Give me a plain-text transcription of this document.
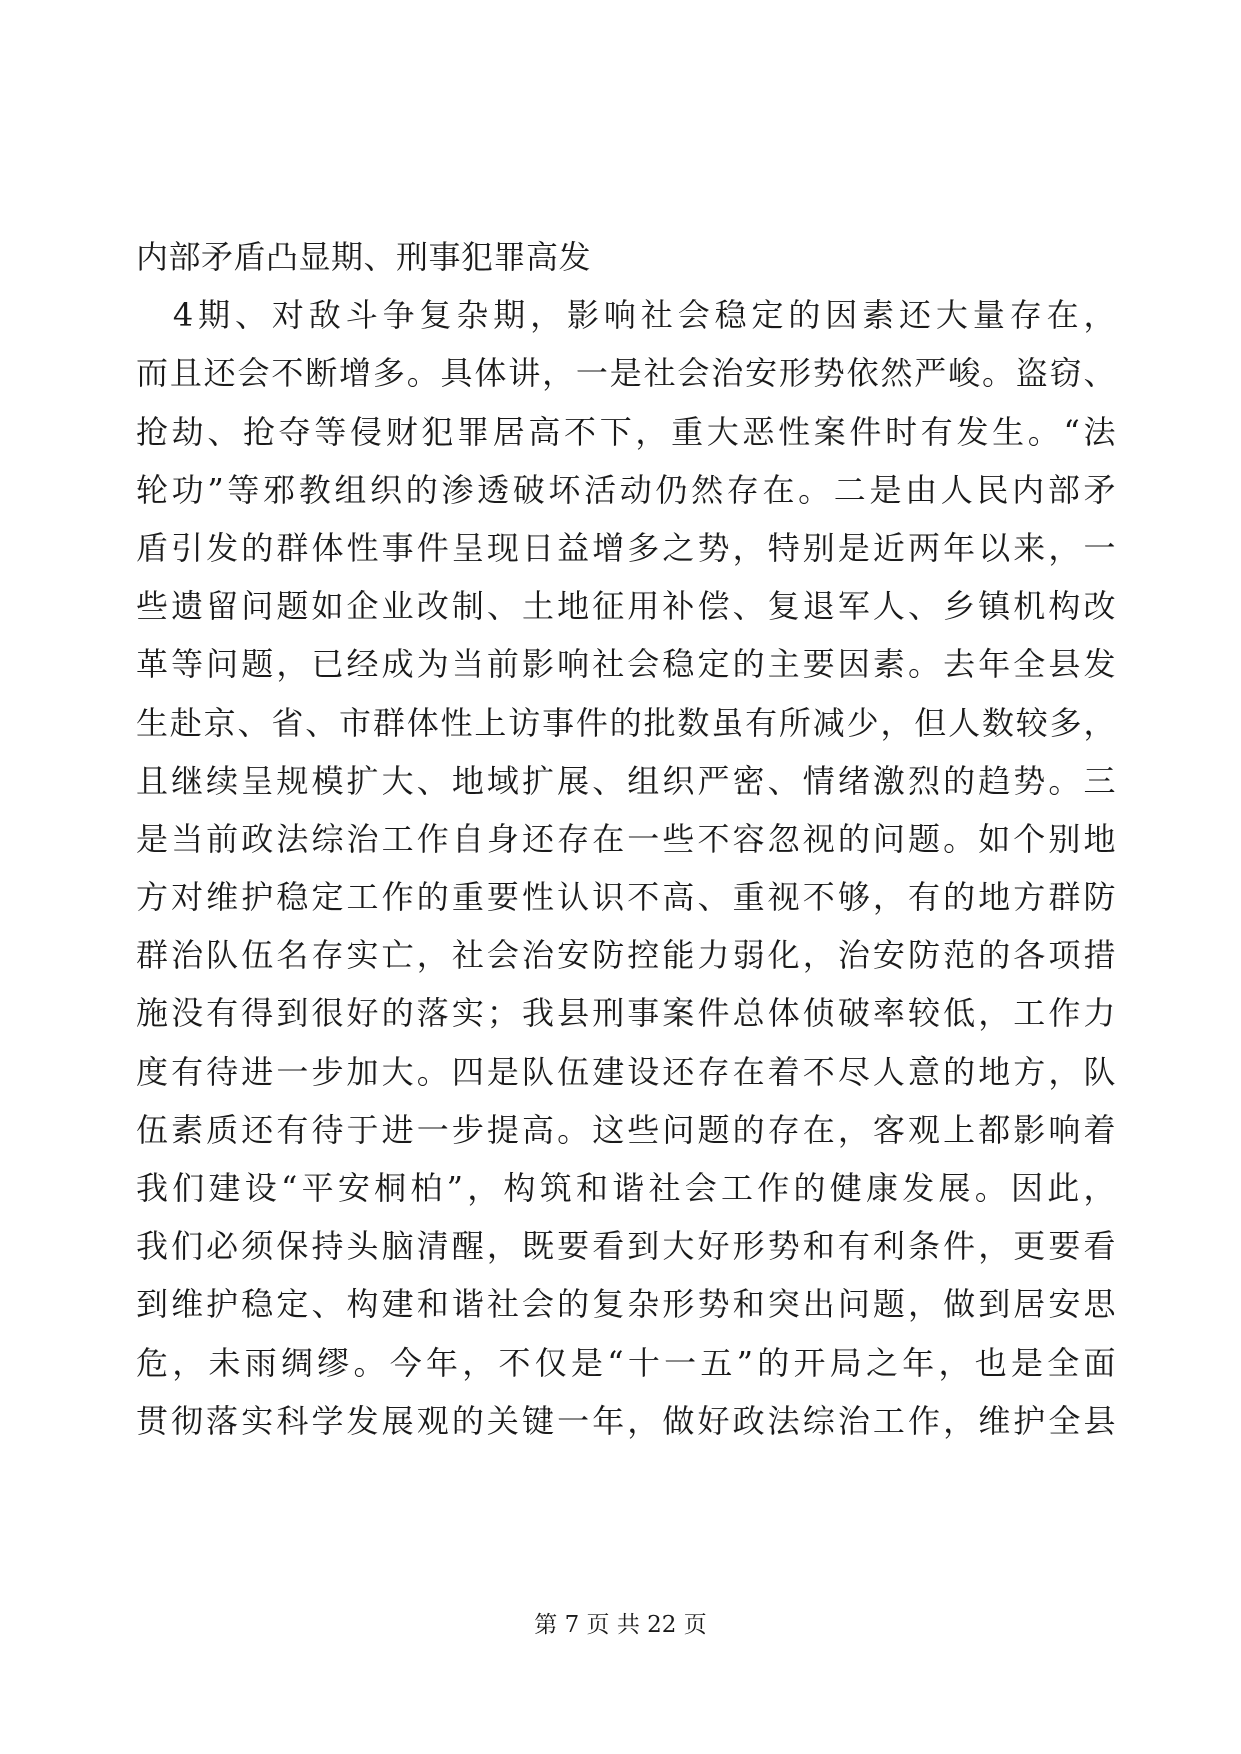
内部矛盾凸显期、刑事犯罪高发
　4期、对敌斗争复杂期，影响社会稳定的因素还大量存在，
而且还会不断增多。具体讲，一是社会治安形势依然严峻。盗窃、
抢劫、抢夺等侵财犯罪居高不下，重大恶性案件时有发生。“法
轮功”等邪教组织的渗透破坏活动仍然存在。二是由人民内部矛
盾引发的群体性事件呈现日益增多之势，特别是近两年以来，一
些遗留问题如企业改制、土地征用补偿、复退军人、乡镇机构改
革等问题，已经成为当前影响社会稳定的主要因素。去年全县发
生赴京、省、市群体性上访事件的批数虽有所减少，但人数较多，
且继续呈规模扩大、地域扩展、组织严密、情绪激烈的趋势。三
是当前政法综治工作自身还存在一些不容忽视的问题。如个别地
方对维护稳定工作的重要性认识不高、重视不够，有的地方群防
群治队伍名存实亡，社会治安防控能力弱化，治安防范的各项措
施没有得到很好的落实；我县刑事案件总体侦破率较低，工作力
度有待进一步加大。四是队伍建设还存在着不尽人意的地方，队
伍素质还有待于进一步提高。这些问题的存在，客观上都影响着
我们建设“平安桐柏”，构筑和谐社会工作的健康发展。因此，
我们必须保持头脑清醒，既要看到大好形势和有利条件，更要看
到维护稳定、构建和谐社会的复杂形势和突出问题，做到居安思
危，未雨绸缪。今年，不仅是“十一五”的开局之年，也是全面
贯彻落实科学发展观的关键一年，做好政法综治工作，维护全县
第 7 页 共 22 页
